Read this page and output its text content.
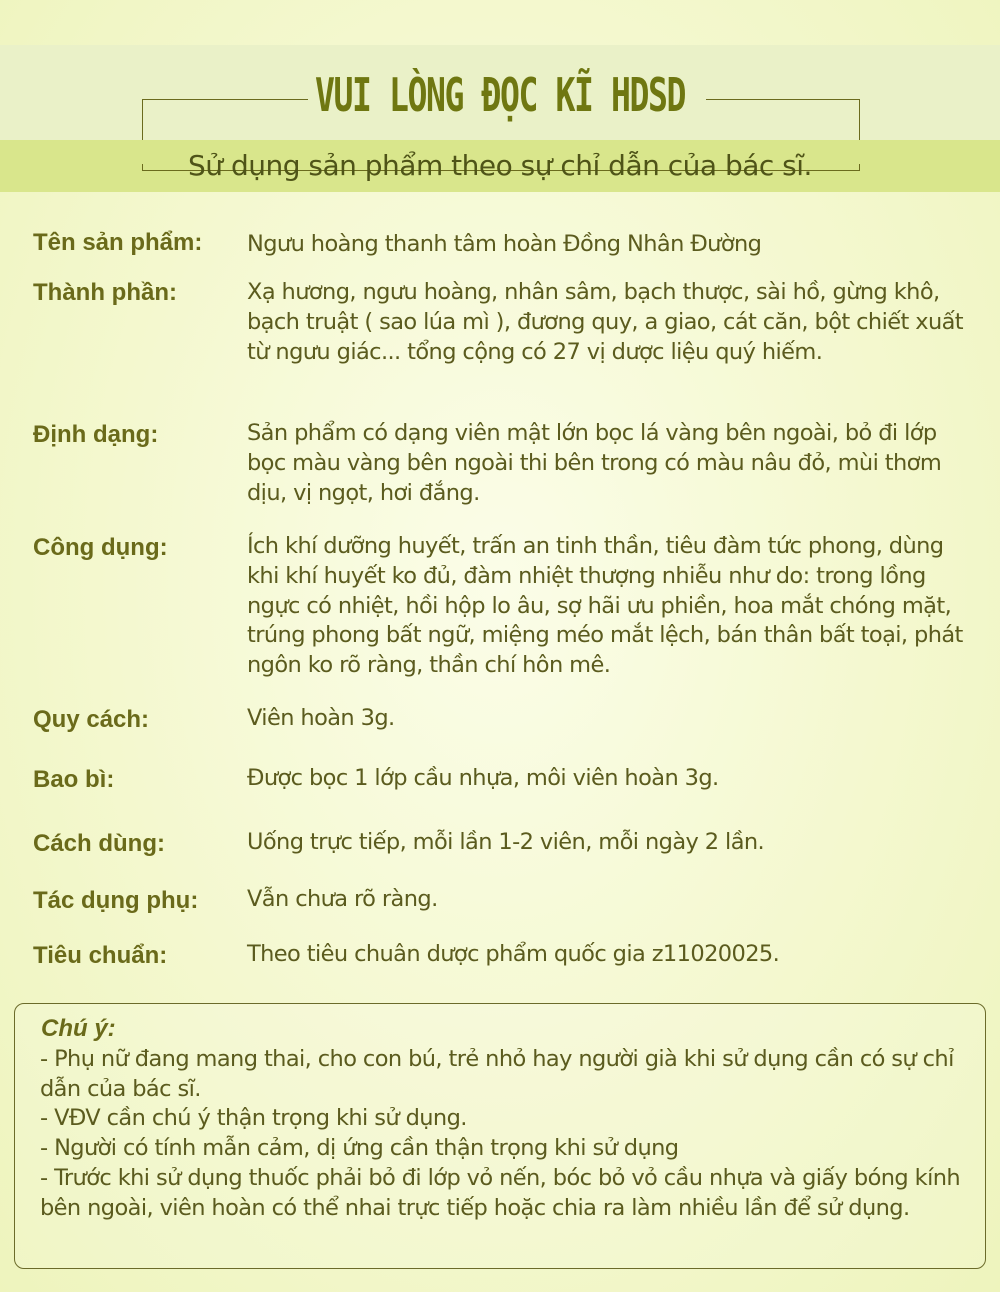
VUI LÒNG ĐỌC KĨ HDSD
Sử dụng sản phẩm theo sự chỉ dẫn của bác sĩ.
Tên sản phẩm: Ngưu hoàng thanh tâm hoàn Đồng Nhân Đường
Thành phần:	Xạ hương, ngưu hoàng, nhân sâm, bạch thược, sài hồ, gừng khô, bạch truật ( sao lúa mì ), đương quy, a giao, cát căn, bột chiết xuất từ ngưu giác... tổng cộng có 27 vị dược liệu quý hiếm.
Định dạng:	Sản phẩm có dạng viên mật lớn bọc lá vàng bên ngoài, bỏ đi lớp bọc màu vàng bên ngoài thi bên trong có màu nâu đỏ, mùi thơm dịu, vị ngọt, hơi đắng.
Công dụng:	Ích khí dưỡng huyết, trấn an tinh thần, tiêu đàm tức phong, dùng khi khí huyết ko đủ, đàm nhiệt thượng nhiễu như do: trong lồng ngực có nhiệt, hồi hộp lo âu, sợ hãi ưu phiền, hoa mắt chóng mặt, trúng phong bất ngữ, miệng méo mắt lệch, bán thân bất toại, phát ngôn ko rõ ràng, thần chí hôn mê.
Quy cách:	Viên hoàn 3g.
Bao bì:	Được bọc 1 lớp cầu nhựa, môi viên hoàn 3g.
Cách dùng:	Uống trực tiếp, mỗi lần 1-2 viên, mỗi ngày 2 lần.
Tác dụng phụ: Vẫn chưa rõ ràng.
Tiêu chuẩn:	Theo tiêu chuân dược phẩm quốc gia z11020025.
Chú ý:
- Phụ nữ đang mang thai, cho con bú, trẻ nhỏ hay người già khi sử dụng cần có sự chỉ dẫn của bác sĩ.
- VĐV cần chú ý thận trọng khi sử dụng.
- Người có tính mẫn cảm, dị ứng cần thận trọng khi sử dụng
- Trước khi sử dụng thuốc phải bỏ đi lớp vỏ nến, bóc bỏ vỏ cầu nhựa và giấy bóng kính bên ngoài, viên hoàn có thể nhai trực tiếp hoặc chia ra làm nhiều lần để sử dụng.
